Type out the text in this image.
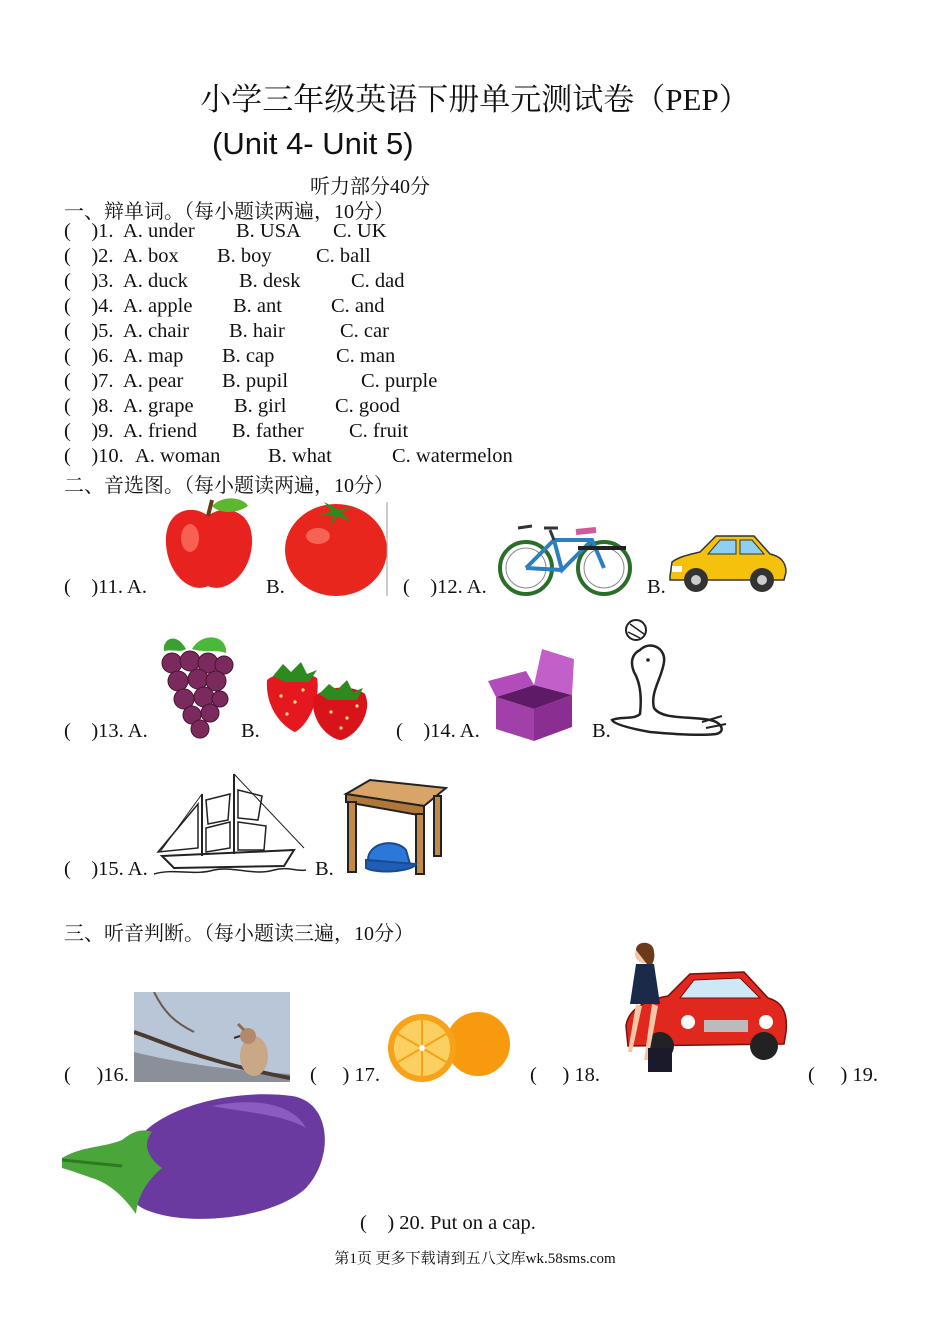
小学三年级英语下册单元测试卷（PEP）
(Unit 4- Unit 5)
听力部分40分
一、辩单词。（每小题读两遍，10分）
(    )1. A. under B. USA C. UK
(    )2. A. box B. boy C. ball
(    )3. A. duck B. desk C. dad
(    )4. A. apple B. ant C. and
(    )5. A. chair B. hair	C. car
(    )6. A. map B. cap	C. man
(    )7. A. pear B. pupil	C. purple
(    )8. A. grape B. girl C. good
(    )9. A. friend B. father C. fruit
(    )10. A. woman B. what	C. watermelon
二、音选图。（每小题读两遍，10分）
(    )11. A.	B.	(    )12. A.	B.
(    )13. A.	B.	(    )14. A.	B.
(    )15. A.	B.
三、听音判断。（每小题读三遍，10分）
(     )16.	(     ) 17.	(     ) 18.	(     ) 19.
(    ) 20. Put on a cap.
第1页 更多下载请到五八文库wk.58sms.com
